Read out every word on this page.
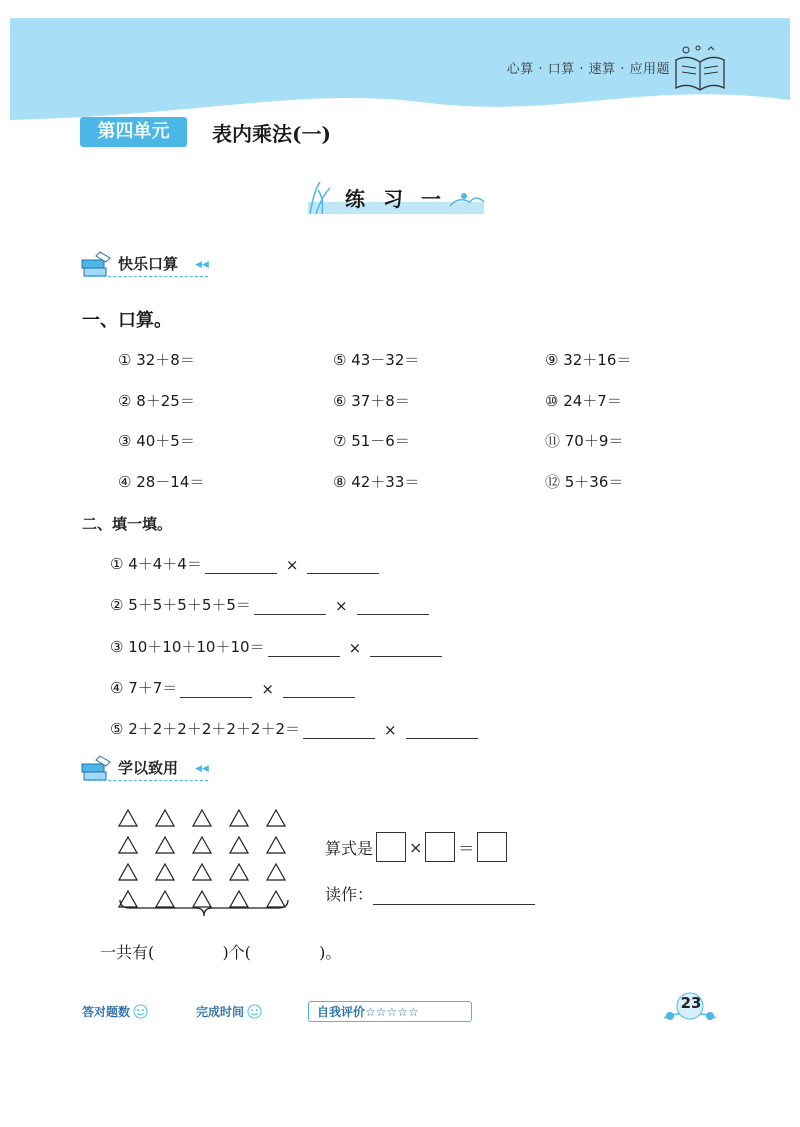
心算 · 口算 · 速算 · 应用题
第四单元	表内乘法(一)
练习一
快乐口算 ◀◀
一、口算。
① 32＋8＝	⑤ 43－32＝	⑨ 32＋16＝
② 8＋25＝	⑥ 37＋8＝	⑩ 24＋7＝
③ 40＋5＝	⑦ 51－6＝	⑪ 70＋9＝
④ 28－14＝	⑧ 42＋33＝	⑫ 5＋36＝
二、填一填。
① 4＋4＋4＝	×
② 5＋5＋5＋5＋5＝	×
③ 10＋10＋10＋10＝	×
④ 7＋7＝	×
⑤ 2＋2＋2＋2＋2＋2＋2＝	×
学以致用 ◀◀
算式是 × ＝
读作：
一共有(	)个(	)。
答对题数	完成时间	自我评价☆☆☆☆☆	23
